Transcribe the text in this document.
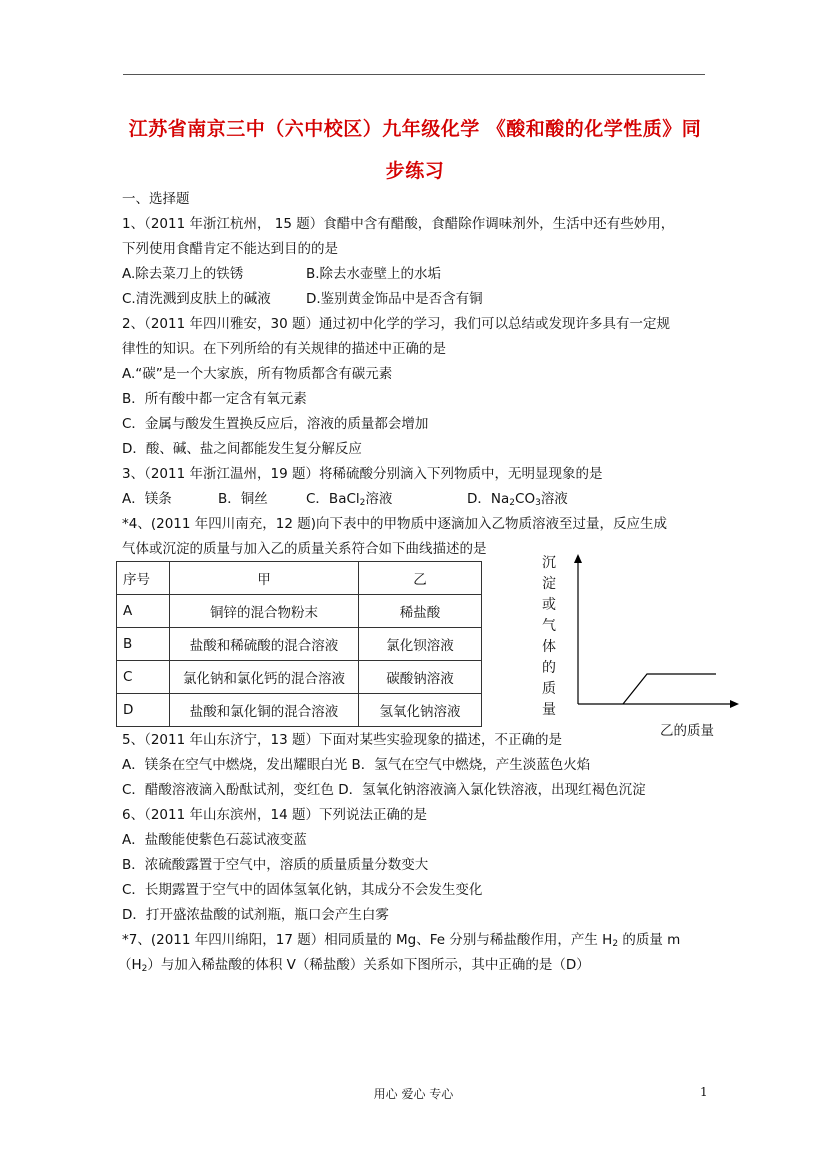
江苏省南京三中（六中校区）九年级化学 《酸和酸的化学性质》同
步练习
一、选择题
1、（2011 年浙江杭州， 15 题）食醋中含有醋酸，食醋除作调味剂外，生活中还有些妙用，
下列使用食醋肯定不能达到目的的是
A.除去菜刀上的铁锈	B.除去水壶壁上的水垢
C.清洗溅到皮肤上的碱液	D.鉴别黄金饰品中是否含有铜
2、（2011 年四川雅安，30 题）通过初中化学的学习，我们可以总结或发现许多具有一定规
律性的知识。在下列所给的有关规律的描述中正确的是
A.“碳”是一个大家族，所有物质都含有碳元素
B．所有酸中都一定含有氧元素
C．金属与酸发生置换反应后，溶液的质量都会增加
D．酸、碱、盐之间都能发生复分解反应
3、（2011 年浙江温州，19 题）将稀硫酸分别滴入下列物质中，无明显现象的是
A．镁条	B．铜丝	C．BaCl$_2$溶液	D．$Na_2CO_3$溶液
*4、(2011 年四川南充，12 题)向下表中的甲物质中逐滴加入乙物质溶液至过量，反应生成
气体或沉淀的质量与加入乙的质量关系符合如下曲线描述的是
序号	甲	乙
A	铜锌的混合物粉末	稀盐酸
B	盐酸和稀硫酸的混合溶液	氯化钡溶液
C	氯化钠和氯化钙的混合溶液	碳酸钠溶液
D	盐酸和氯化铜的混合溶液	氢氧化钠溶液
沉
淀
或
气
体
的
质
量
乙的质量
5、（2011 年山东济宁，13 题）下面对某些实验现象的描述，不正确的是
A．镁条在空气中燃烧，发出耀眼白光 B．氢气在空气中燃烧，产生淡蓝色火焰
C．醋酸溶液滴入酚酞试剂，变红色 D．氢氧化钠溶液滴入氯化铁溶液，出现红褐色沉淀
6、（2011 年山东滨州，14 题）下列说法正确的是
A．盐酸能使紫色石蕊试液变蓝
B．浓硫酸露置于空气中，溶质的质量质量分数变大
C．长期露置于空气中的固体氢氧化钠，其成分不会发生变化
D．打开盛浓盐酸的试剂瓶，瓶口会产生白雾
*7、(2011 年四川绵阳，17 题）相同质量的 Mg、Fe 分别与稀盐酸作用，产生 $H_2$ 的质量 m
$(H_2)$与加入稀盐酸的体积 V（稀盐酸）关系如下图所示，其中正确的是（D）
用心 爱心 专心	1
